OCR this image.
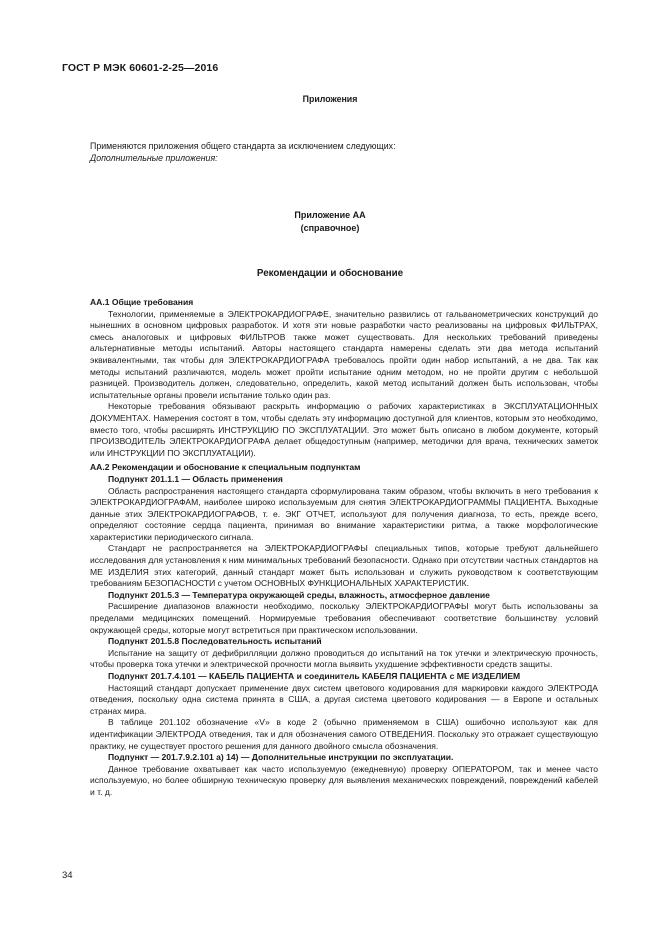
ГОСТ Р МЭК 60601-2-25—2016
Приложения
Применяются приложения общего стандарта за исключением следующих:
Дополнительные приложения:
Приложение АА
(справочное)
Рекомендации и обоснование
АА.1 Общие требования

Технологии, применяемые в ЭЛЕКТРОКАРДИОГРАФЕ, значительно развились от гальванометрических конструкций до нынешних в основном цифровых разработок. И хотя эти новые разработки часто реализованы на цифровых ФИЛЬТРАХ, смесь аналоговых и цифровых ФИЛЬТРОВ также может существовать. Для нескольких требований приведены альтернативные методы испытаний. Авторы настоящего стандарта намерены сделать эти два метода испытаний эквивалентными, так чтобы для ЭЛЕКТРОКАРДИОГРАФА требовалось пройти один набор испытаний, а не два. Так как методы испытаний различаются, модель может пройти испытание одним методом, но не пройти другим с небольшой разницей. Производитель должен, следовательно, определить, какой метод испытаний должен быть использован, чтобы испытательные органы провели испытание только один раз.

Некоторые требования обязывают раскрыть информацию о рабочих характеристиках в ЭКСПЛУАТАЦИОННЫХ ДОКУМЕНТАХ. Намерения состоят в том, чтобы сделать эту информацию доступной для клиентов, которым это необходимо, вместо того, чтобы расширять ИНСТРУКЦИЮ ПО ЭКСПЛУАТАЦИИ. Это может быть описано в любом документе, который ПРОИЗВОДИТЕЛЬ ЭЛЕКТРОКАРДИОГРАФА делает общедоступным (например, методички для врача, технических заметок или ИНСТРУКЦИИ ПО ЭКСПЛУАТАЦИИ).

АА.2 Рекомендации и обоснование к специальным подпунктам
Подпункт 201.1.1 — Область применения

Область распространения настоящего стандарта сформулирована таким образом, чтобы включить в него требования к ЭЛЕКТРОКАРДИОГРАФАМ, наиболее широко используемым для снятия ЭЛЕКТРОКАРДИОГРАММЫ ПАЦИЕНТА. Выходные данные этих ЭЛЕКТРОКАРДИОГРАФОВ, т. е. ЭКГ ОТЧЕТ, используют для получения диагноза, то есть, прежде всего, определяют состояние сердца пациента, принимая во внимание характеристики ритма, а также морфологические характеристики периодического сигнала.

Стандарт не распространяется на ЭЛЕКТРОКАРДИОГРАФЫ специальных типов, которые требуют дальнейшего исследования для установления к ним минимальных требований безопасности. Однако при отсутствии частных стандартов на МЕ ИЗДЕЛИЯ этих категорий, данный стандарт может быть использован и служить руководством к соответствующим требованиям БЕЗОПАСНОСТИ с учетом ОСНОВНЫХ ФУНКЦИОНАЛЬНЫХ ХАРАКТЕРИСТИК.

Подпункт 201.5.3 — Температура окружающей среды, влажность, атмосферное давление

Расширение диапазонов влажности необходимо, поскольку ЭЛЕКТРОКАРДИОГРАФЫ могут быть использованы за пределами медицинских помещений. Нормируемые требования обеспечивают соответствие большинству условий окружающей среды, которые могут встретиться при практическом использовании.

Подпункт 201.5.8 Последовательность испытаний

Испытание на защиту от дефибрилляции должно проводиться до испытаний на ток утечки и электрическую прочность, чтобы проверка тока утечки и электрической прочности могла выявить ухудшение эффективности средств защиты.

Подпункт 201.7.4.101 — КАБЕЛЬ ПАЦИЕНТА и соединитель КАБЕЛЯ ПАЦИЕНТА с МЕ ИЗДЕЛИЕМ

Настоящий стандарт допускает применение двух систем цветового кодирования для маркировки каждого ЭЛЕКТРОДА отведения, поскольку одна система принята в США, а другая система цветового кодирования — в Европе и остальных странах мира.

В таблице 201.102 обозначение «V» в коде 2 (обычно применяемом в США) ошибочно используют как для идентификации ЭЛЕКТРОДА отведения, так и для обозначения самого ОТВЕДЕНИЯ. Поскольку это отражает существующую практику, не существует простого решения для данного двойного смысла обозначения.

Подпункт — 201.7.9.2.101 а) 14) — Дополнительные инструкции по эксплуатации.

Данное требование охватывает как часто используемую (ежедневную) проверку ОПЕРАТОРОМ, так и менее часто используемую, но более обширную техническую проверку для выявления механических повреждений, повреждений кабелей и т. д.

34
